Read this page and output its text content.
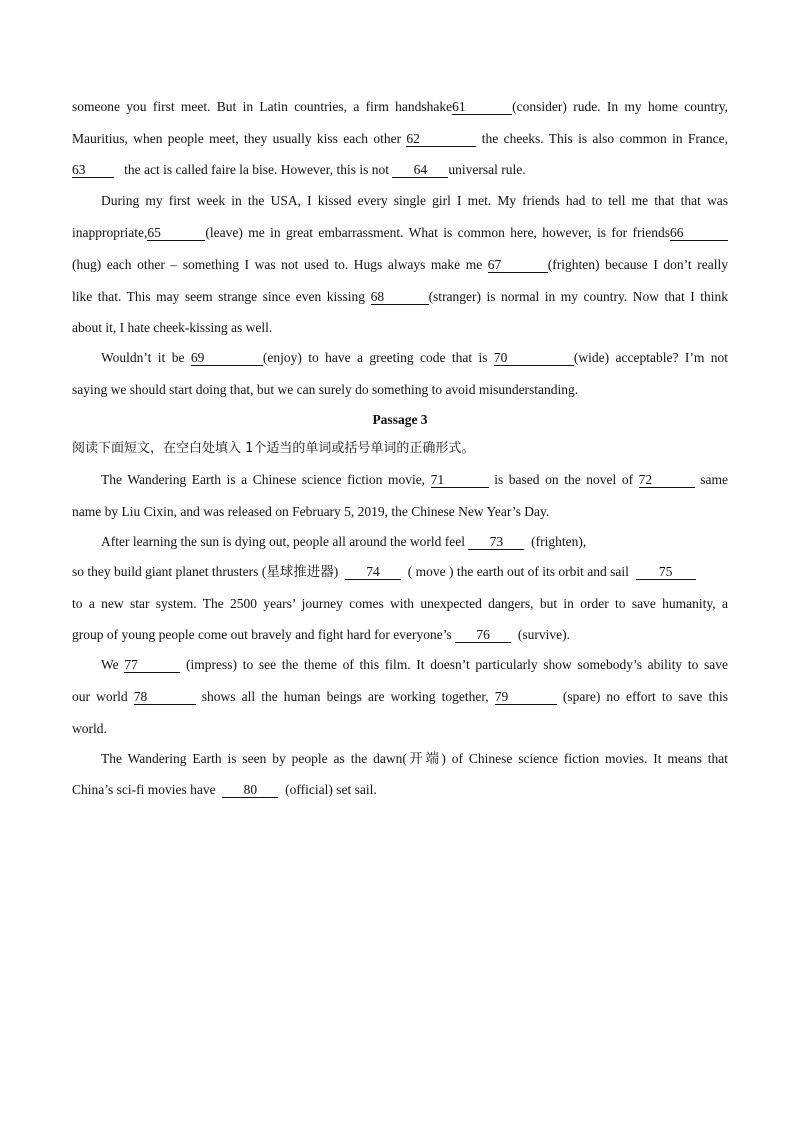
someone you first meet. But in Latin countries, a firm handshake61	(consider) rude. In my home country,
Mauritius, when people meet, they usually kiss each other 62	the cheeks. This is also common in France,
63	the act is called faire la bise. However, this is not 64 universal rule.
During my first week in the USA, I kissed every single girl I met. My friends had to tell me that that was
inappropriate,65	(leave) me in great embarrassment. What is common here, however, is for friends66
(hug) each other – something I was not used to. Hugs always make me 67	(frighten) because I don’t really
like that. This may seem strange since even kissing 68	(stranger) is normal in my country. Now that I think
about it, I hate cheek-kissing as well.
Wouldn’t it be 69	(enjoy) to have a greeting code that is 70	(wide) acceptable? I’m not
saying we should start doing that, but we can surely do something to avoid misunderstanding.
Passage 3
阅读下面短文，在空白处填入 1个适当的单词或括号单词的正确形式。
The Wandering Earth is a Chinese science fiction movie, 71	is based on the novel of 72	same
name by Liu Cixin, and was released on February 5, 2019, the Chinese New Year’s Day.
After learning the sun is dying out, people all around the world feel 73 (frighten),
so they build giant planet thrusters (星球推进器) 74 ( move ) the earth out of its orbit and sail 75
to a new star system. The 2500 years’ journey comes with unexpected dangers, but in order to save humanity, a
group of young people come out bravely and fight hard for everyone’s 76 (survive).
We 77	(impress) to see the theme of this film. It doesn’t particularly show somebody’s ability to save
our world 78	shows all the human beings are working together, 79	(spare) no effort to save this
world.
The Wandering Earth is seen by people as the dawn(开端) of Chinese science fiction movies. It means that
China’s sci-fi movies have 80 (official) set sail.
